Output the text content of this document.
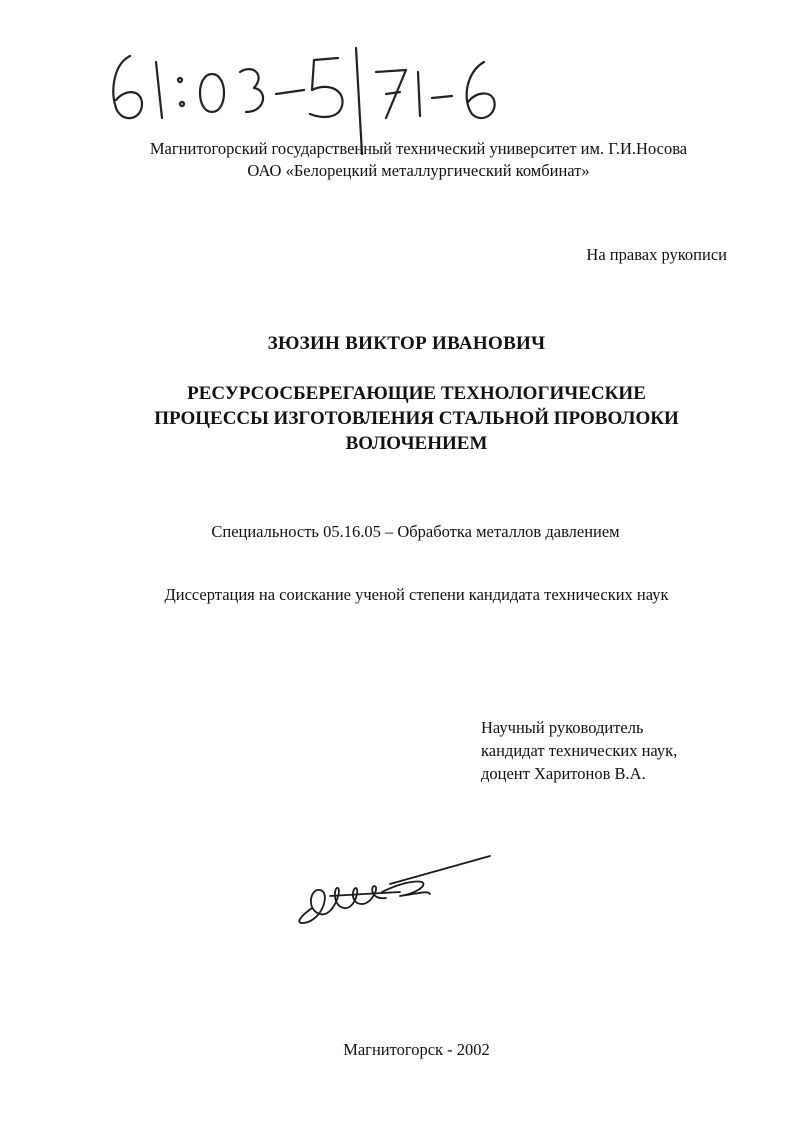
Магнитогорский государственный технический университет им. Г.И.Носова
ОАО «Белорецкий металлургический комбинат»
На правах рукописи
ЗЮЗИН ВИКТОР ИВАНОВИЧ
РЕСУРСОСБЕРЕГАЮЩИЕ ТЕХНОЛОГИЧЕСКИЕ
ПРОЦЕССЫ ИЗГОТОВЛЕНИЯ СТАЛЬНОЙ ПРОВОЛОКИ
ВОЛОЧЕНИЕМ
Специальность 05.16.05 – Обработка металлов давлением
Диссертация на соискание ученой степени кандидата технических наук
Научный руководитель
кандидат технических наук,
доцент Харитонов В.А.
Магнитогорск - 2002
